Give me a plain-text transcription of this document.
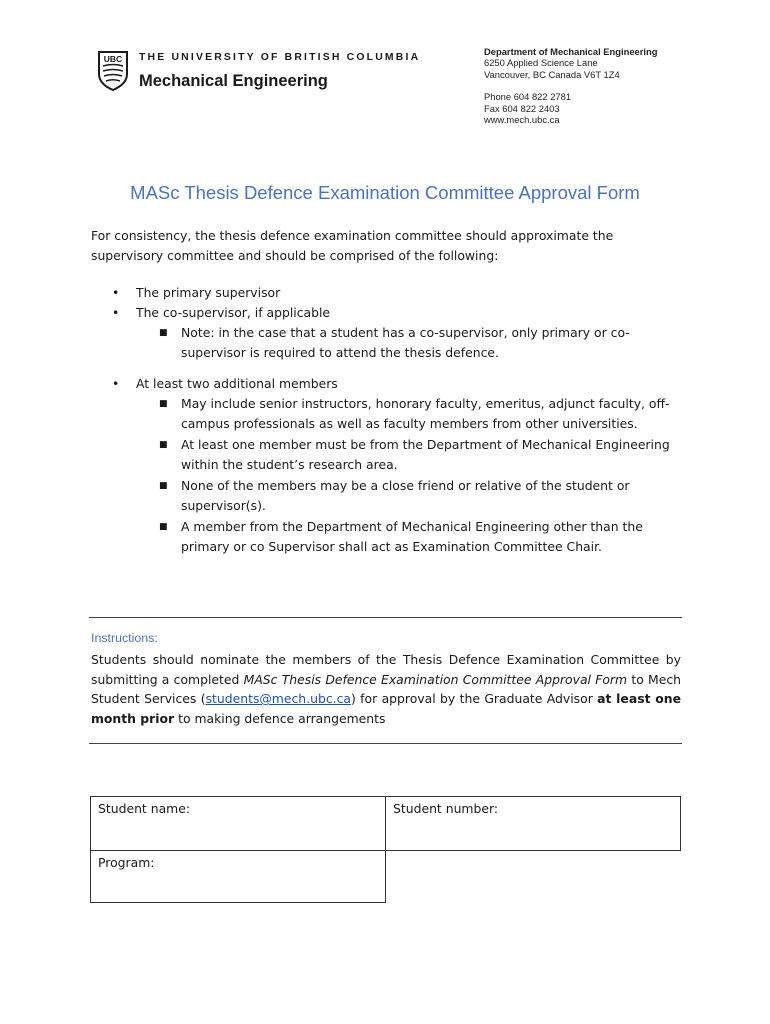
UBC THE UNIVERSITY OF BRITISH COLUMBIA
Mechanical Engineering
Department of Mechanical Engineering
6250 Applied Science Lane
Vancouver, BC Canada V6T 1Z4
Phone 604 822 2781
Fax 604 822 2403
www.mech.ubc.ca
MASc Thesis Defence Examination Committee Approval Form
For consistency, the thesis defence examination committee should approximate the supervisory committee and should be comprised of the following:
• The primary supervisor
• The co-supervisor, if applicable
■ Note: in the case that a student has a co-supervisor, only primary or co-supervisor is required to attend the thesis defence.
• At least two additional members
■ May include senior instructors, honorary faculty, emeritus, adjunct faculty, off-campus professionals as well as faculty members from other universities.
■ At least one member must be from the Department of Mechanical Engineering within the student’s research area.
■ None of the members may be a close friend or relative of the student or supervisor(s).
■ A member from the Department of Mechanical Engineering other than the primary or co Supervisor shall act as Examination Committee Chair.
Instructions:
Students should nominate the members of the Thesis Defence Examination Committee by submitting a completed MASc Thesis Defence Examination Committee Approval Form to Mech Student Services (students@mech.ubc.ca) for approval by the Graduate Advisor at least one month prior to making defence arrangements
Student name:	Student number:
Program:
